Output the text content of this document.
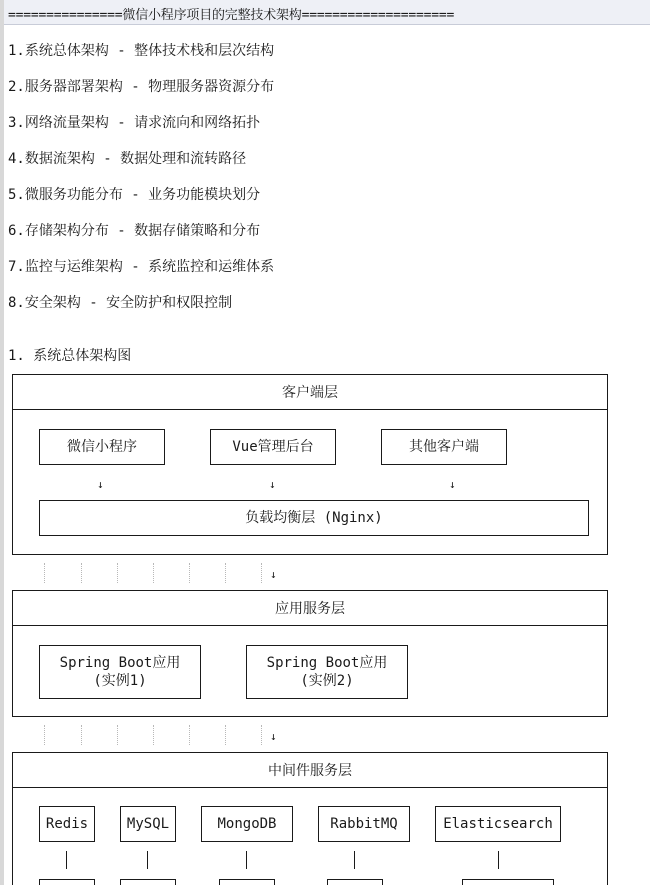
===============微信小程序项目的完整技术架构====================
1.系统总体架构 - 整体技术栈和层次结构
2.服务器部署架构 - 物理服务器资源分布
3.网络流量架构 - 请求流向和网络拓扑
4.数据流架构 - 数据处理和流转路径
5.微服务功能分布 - 业务功能模块划分
6.存储架构分布 - 数据存储策略和分布
7.监控与运维架构 - 系统监控和运维体系
8.安全架构 - 安全防护和权限控制
1. 系统总体架构图
客户端层
微信小程序	Vue管理后台	其他客户端
↓	↓	↓
负载均衡层 (Nginx)
↓
应用服务层
Spring Boot应用
(实例1)
Spring Boot应用
(实例2)
↓
中间件服务层
Redis	MySQL	MongoDB	RabbitMQ	Elasticsearch
